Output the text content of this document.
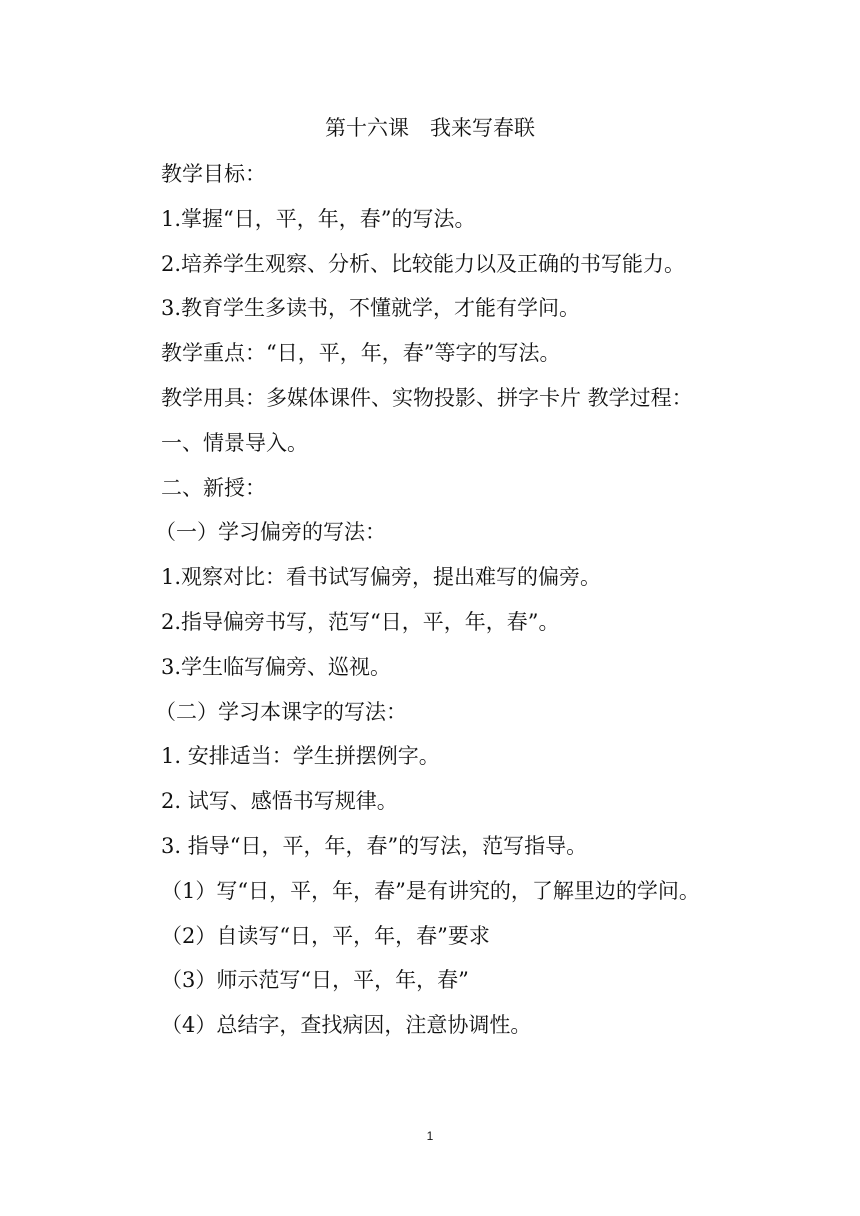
第十六课　我来写春联
教学目标：
1.掌握“日，平，年，春”的写法。
2.培养学生观察、分析、比较能力以及正确的书写能力。
3.教育学生多读书，不懂就学，才能有学问。
教学重点：“日，平，年，春”等字的写法。
教学用具：多媒体课件、实物投影、拼字卡片 教学过程：
一、情景导入。
二、新授：
（一）学习偏旁的写法：
1.观察对比：看书试写偏旁，提出难写的偏旁。
2.指导偏旁书写，范写“日，平，年，春”。
3.学生临写偏旁、巡视。
（二）学习本课字的写法：
1. 安排适当：学生拼摆例字。
2. 试写、感悟书写规律。
3. 指导“日，平，年，春”的写法，范写指导。
（1）写“日，平，年，春”是有讲究的，了解里边的学问。
（2）自读写“日，平，年，春”要求
（3）师示范写“日，平，年，春”
（4）总结字，查找病因，注意协调性。
1
